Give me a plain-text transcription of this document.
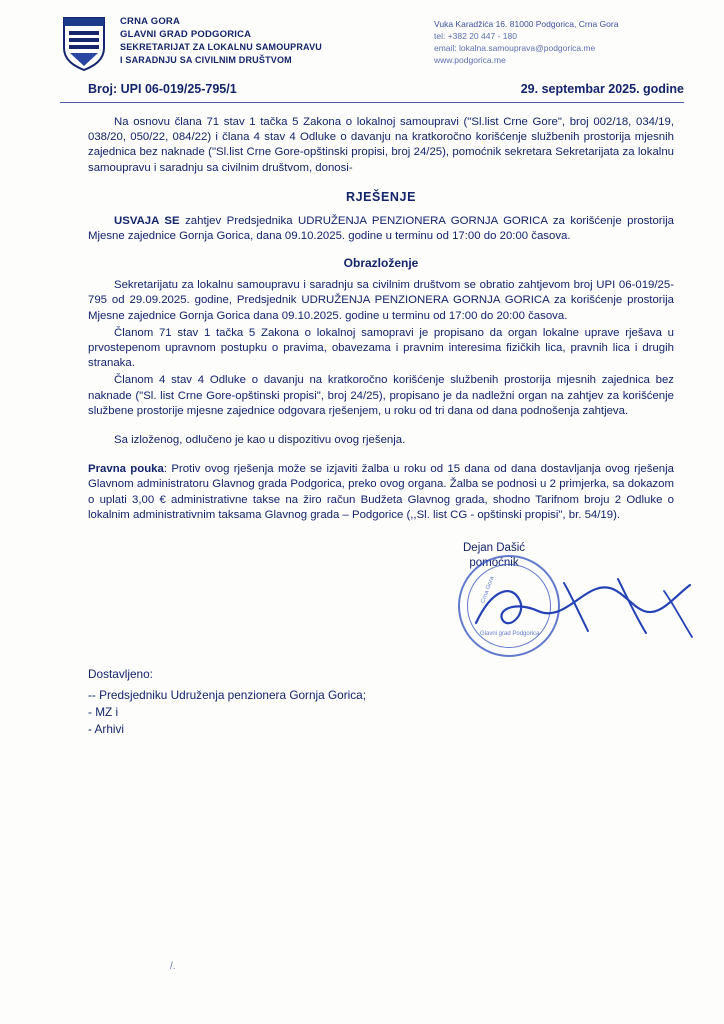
CRNA GORA
GLAVNI GRAD PODGORICA
SEKRETARIJAT ZA LOKALNU SAMOUPRAVU
I SARADNJU SA CIVILNIM DRUŠTVOM
Vuka Karadžića 16. 81000 Podgorica, Crna Gora
tel: +382 20 447 - 180
email: lokalna.samouprava@podgorica.me
www.podgorica.me
Broj: UPI 06-019/25-795/1	29. septembar 2025. godine

Na osnovu člana 71 stav 1 tačka 5 Zakona o lokalnoj samoupravi ("Sl.list Crne Gore", broj 002/18, 034/19, 038/20, 050/22, 084/22) i člana 4 stav 4 Odluke o davanju na kratkoročno korišćenje službenih prostorija mjesnih zajednica bez naknade ("Sl.list Crne Gore-opštinski propisi, broj 24/25), pomoćnik sekretara Sekretarijata za lokalnu samoupravu i saradnju sa civilnim društvom, donosi-

RJEŠENJE

USVAJA SE zahtjev Predsjednika UDRUŽENJA PENZIONERA GORNJA GORICA za korišćenje prostorija Mjesne zajednice Gornja Gorica, dana 09.10.2025. godine u terminu od 17:00 do 20:00 časova.

Obrazloženje

Sekretarijatu za lokalnu samoupravu i saradnju sa civilnim društvom se obratio zahtjevom broj UPI 06-019/25-795 od 29.09.2025. godine, Predsjednik UDRUŽENJA PENZIONERA GORNJA GORICA za korišćenje prostorija Mjesne zajednice Gornja Gorica dana 09.10.2025. godine u terminu od 17:00 do 20:00 časova.

Članom 71 stav 1 tačka 5 Zakona o lokalnoj samopravi je propisano da organ lokalne uprave rješava u prvostepenom upravnom postupku o pravima, obavezama i pravnim interesima fizičkih lica, pravnih lica i drugih stranaka.

Članom 4 stav 4 Odluke o davanju na kratkoročno korišćenje službenih prostorija mjesnih zajednica bez naknade ("Sl. list Crne Gore-opštinski propisi", broj 24/25), propisano je da nadležni organ na zahtjev za korišćenje službene prostorije mjesne zajednice odgovara rješenjem, u roku od tri dana od dana podnošenja zahtjeva.

Sa izloženog, odlučeno je kao u dispozitivu ovog rješenja.

Pravna pouka: Protiv ovog rješenja može se izjaviti žalba u roku od 15 dana od dana dostavljanja ovog rješenja Glavnom administratoru Glavnog grada Podgorica, preko ovog organa. Žalba se podnosi u 2 primjerka, sa dokazom o uplati 3,00 € administrativne takse na žiro račun Budžeta Glavnog grada, shodno Tarifnom broju 2 Odluke o lokalnim administrativnim taksama Glavnog grada – Podgorice (,,Sl. list CG - opštinski propisi", br. 54/19).

Dejan Dašić
pomoćnik
Crna Gora
Glavni grad Podgorica
Dostavljeno:
-- Predsjedniku Udruženja penzionera Gornja Gorica;
- MZ i
- Arhivi
/.
